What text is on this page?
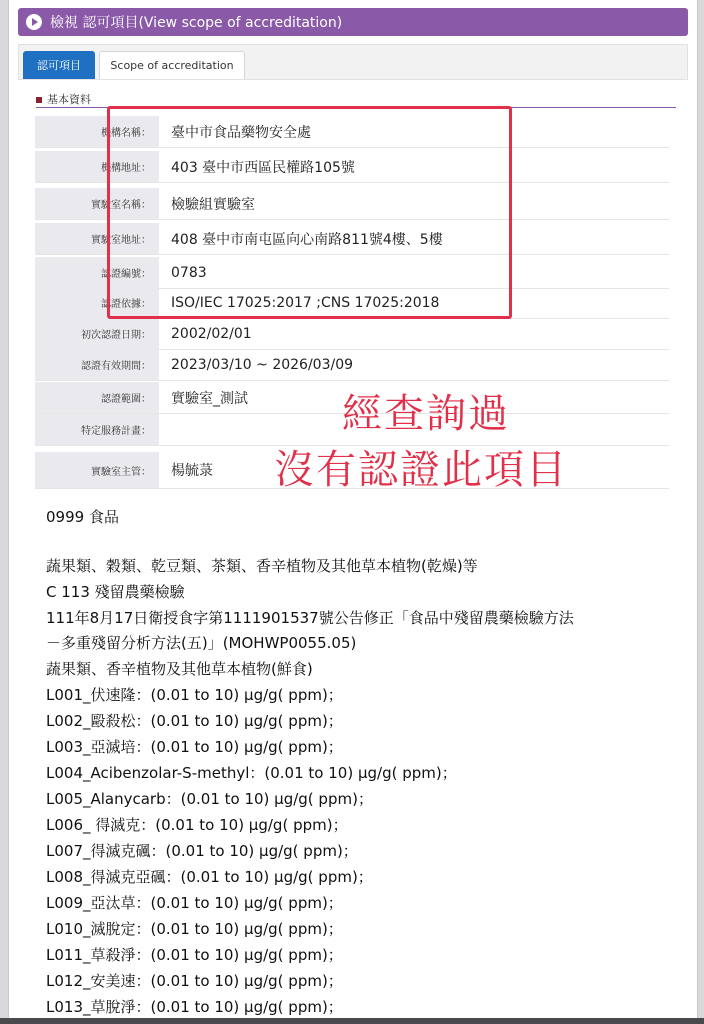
檢視 認可項目(View scope of accreditation)
認可項目	Scope of accreditation
基本資料
機構名稱：	臺中市食品藥物安全處
機構地址：	403 臺中市西區民權路105號
實驗室名稱：	檢驗組實驗室
實驗室地址：	408 臺中市南屯區向心南路811號4樓、5樓
認證編號：	0783
認證依據：	ISO/IEC 17025:2017 ;CNS 17025:2018
初次認證日期：	2002/02/01
認證有效期間：	2023/03/10 ~ 2026/03/09
認證範圍：	實驗室_測試
特定服務計畫：
實驗室主管：	楊毓菉
經查詢過
沒有認證此項目
0999 食品
蔬果類、穀類、乾豆類、茶類、香辛植物及其他草本植物(乾燥)等
C 113 殘留農藥檢驗
111年8月17日衛授食字第1111901537號公告修正「食品中殘留農藥檢驗方法
－多重殘留分析方法(五)」(MOHWP0055.05)
蔬果類、香辛植物及其他草本植物(鮮食)
L001_伏速隆：(0.01 to 10) µg/g( ppm)；
L002_毆殺松：(0.01 to 10) µg/g( ppm)；
L003_亞滅培：(0.01 to 10) µg/g( ppm)；
L004_Acibenzolar-S-methyl：(0.01 to 10) µg/g( ppm)；
L005_Alanycarb：(0.01 to 10) µg/g( ppm)；
L006_ 得滅克：(0.01 to 10) µg/g( ppm)；
L007_得滅克碸：(0.01 to 10) µg/g( ppm)；
L008_得滅克亞碸：(0.01 to 10) µg/g( ppm)；
L009_亞汰草：(0.01 to 10) µg/g( ppm)；
L010_滅脫定：(0.01 to 10) µg/g( ppm)；
L011_草殺淨：(0.01 to 10) µg/g( ppm)；
L012_安美速：(0.01 to 10) µg/g( ppm)；
L013_草脫淨：(0.01 to 10) µg/g( ppm)；
